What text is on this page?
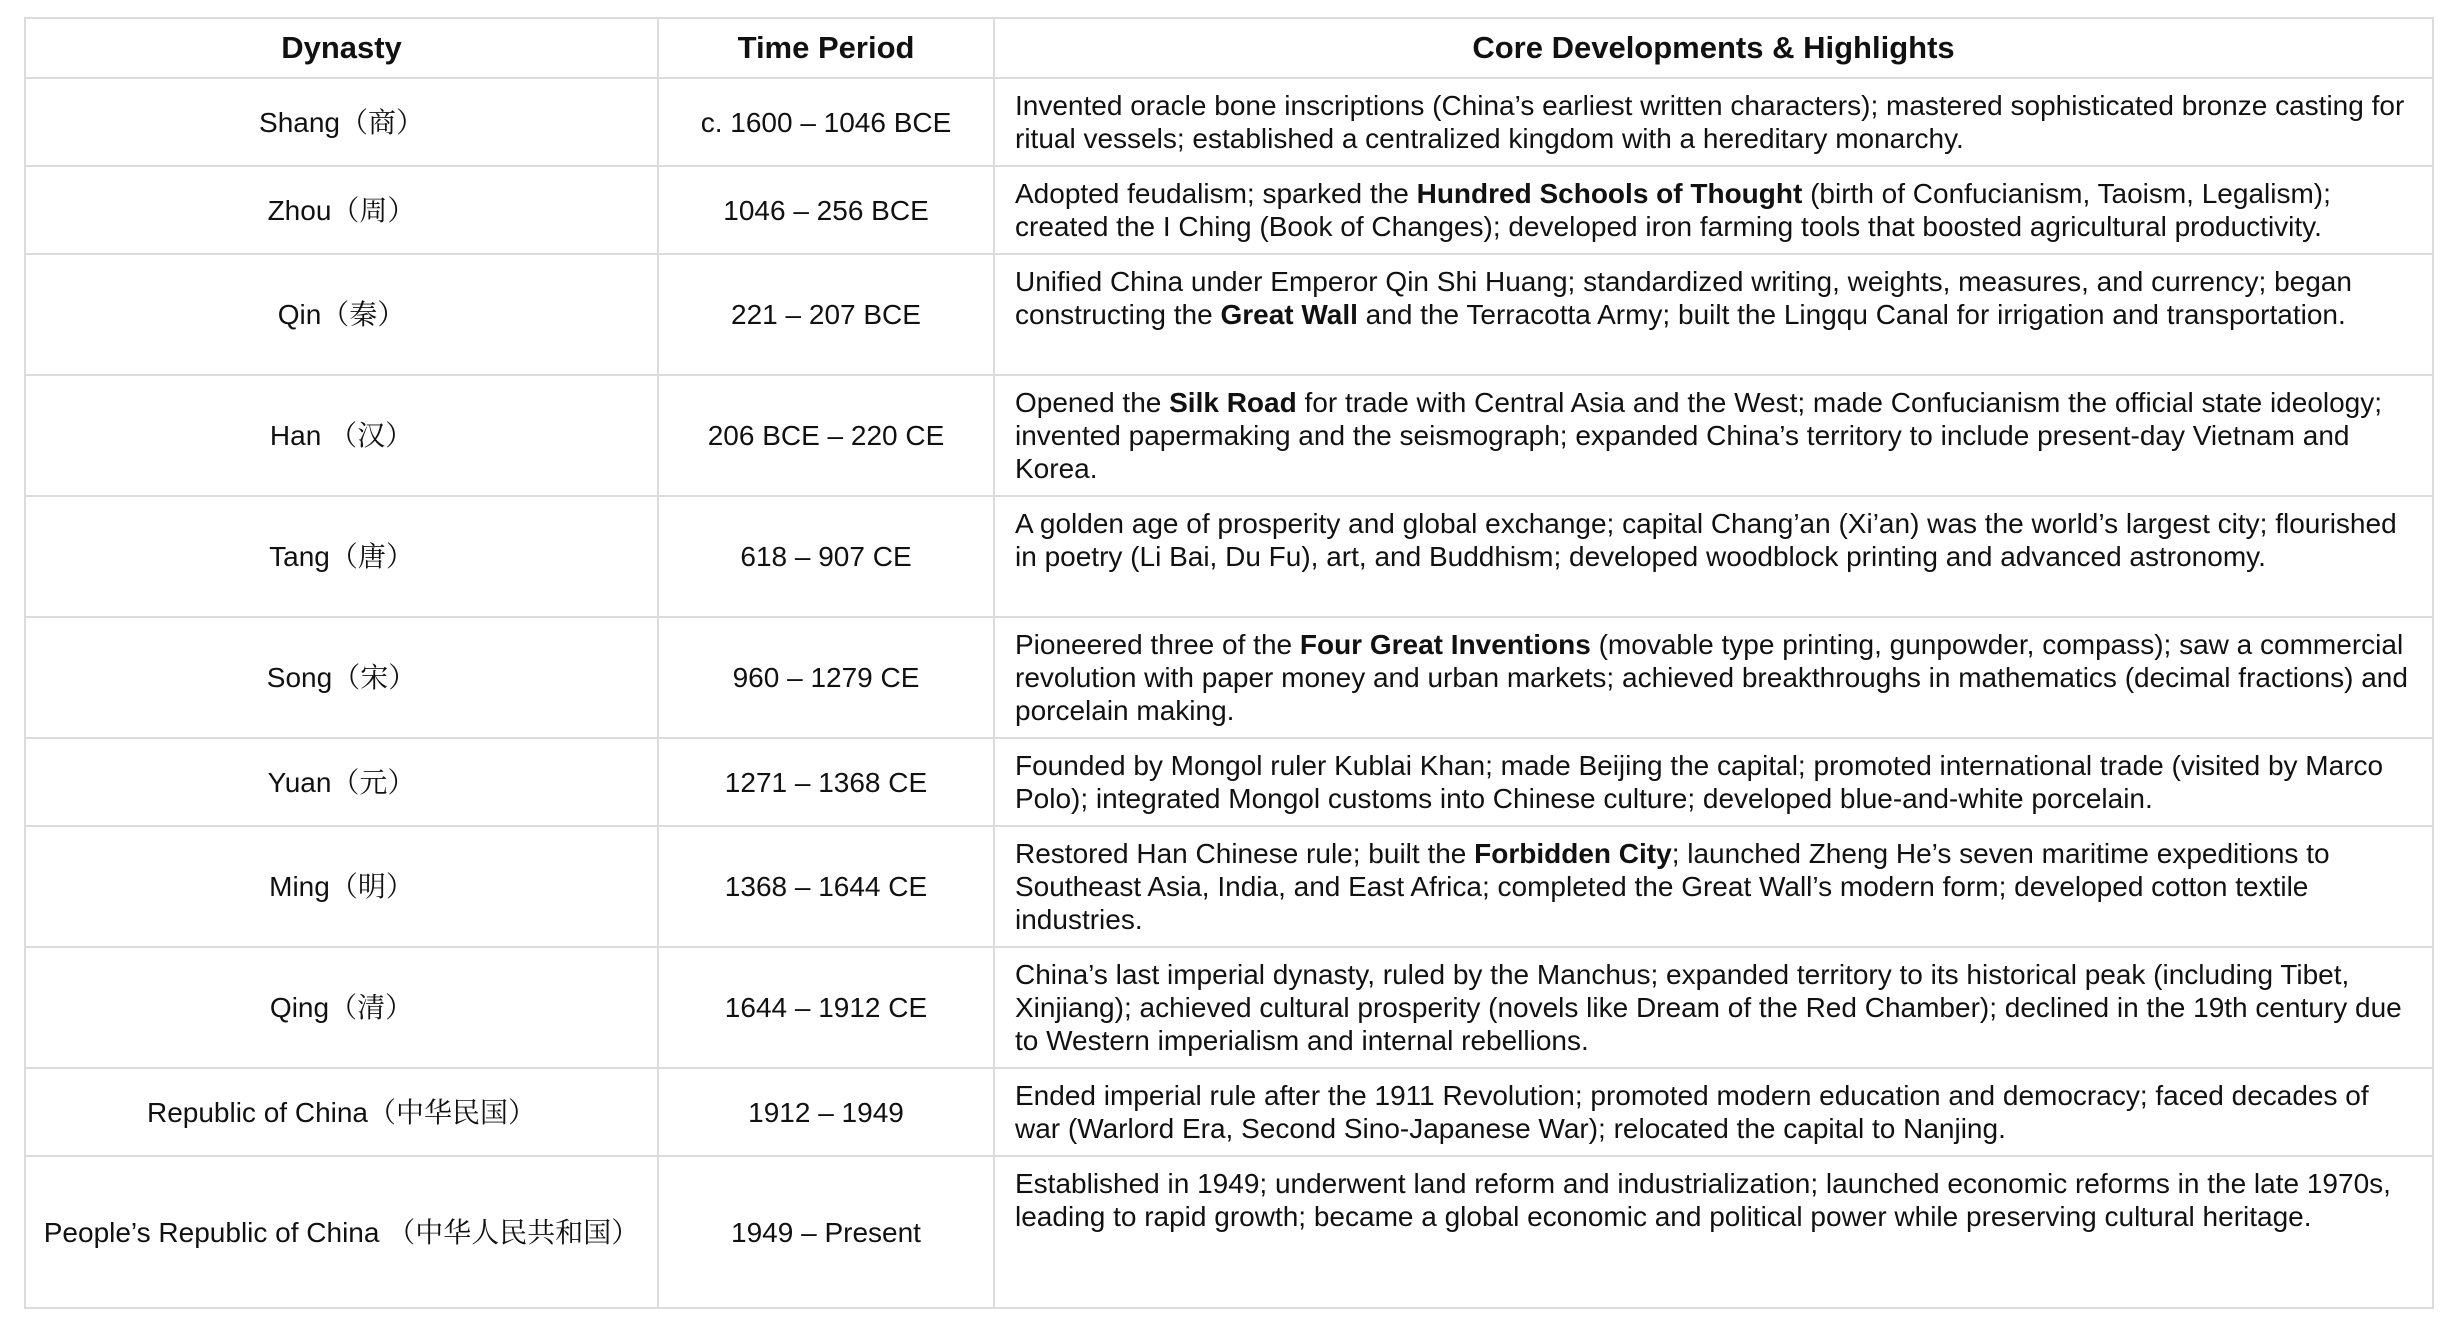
Dynasty	Time Period	Core Developments & Highlights
Shang（商）	c. 1600 – 1046 BCE	Invented oracle bone inscriptions (China’s earliest written characters); mastered sophisticated bronze casting for ritual vessels; established a centralized kingdom with a hereditary monarchy.
Zhou（周）	1046 – 256 BCE	Adopted feudalism; sparked the Hundred Schools of Thought (birth of Confucianism, Taoism, Legalism); created the I Ching (Book of Changes); developed iron farming tools that boosted agricultural productivity.
Qin（秦）	221 – 207 BCE	Unified China under Emperor Qin Shi Huang; standardized writing, weights, measures, and currency; began constructing the Great Wall and the Terracotta Army; built the Lingqu Canal for irrigation and transportation.
Han （汉）	206 BCE – 220 CE	Opened the Silk Road for trade with Central Asia and the West; made Confucianism the official state ideology; invented papermaking and the seismograph; expanded China’s territory to include present-day Vietnam and Korea.
Tang（唐）	618 – 907 CE	A golden age of prosperity and global exchange; capital Chang’an (Xi’an) was the world’s largest city; flourished in poetry (Li Bai, Du Fu), art, and Buddhism; developed woodblock printing and advanced astronomy.
Song（宋）	960 – 1279 CE	Pioneered three of the Four Great Inventions (movable type printing, gunpowder, compass); saw a commercial revolution with paper money and urban markets; achieved breakthroughs in mathematics (decimal fractions) and porcelain making.
Yuan（元）	1271 – 1368 CE	Founded by Mongol ruler Kublai Khan; made Beijing the capital; promoted international trade (visited by Marco Polo); integrated Mongol customs into Chinese culture; developed blue-and-white porcelain.
Ming（明）	1368 – 1644 CE	Restored Han Chinese rule; built the Forbidden City; launched Zheng He’s seven maritime expeditions to Southeast Asia, India, and East Africa; completed the Great Wall’s modern form; developed cotton textile industries.
Qing（清）	1644 – 1912 CE	China’s last imperial dynasty, ruled by the Manchus; expanded territory to its historical peak (including Tibet, Xinjiang); achieved cultural prosperity (novels like Dream of the Red Chamber); declined in the 19th century due to Western imperialism and internal rebellions.
Republic of China（中华民国）	1912 – 1949	Ended imperial rule after the 1911 Revolution; promoted modern education and democracy; faced decades of war (Warlord Era, Second Sino-Japanese War); relocated the capital to Nanjing.
People’s Republic of China （中华人民共和国）	1949 – Present	Established in 1949; underwent land reform and industrialization; launched economic reforms in the late 1970s, leading to rapid growth; became a global economic and political power while preserving cultural heritage.
